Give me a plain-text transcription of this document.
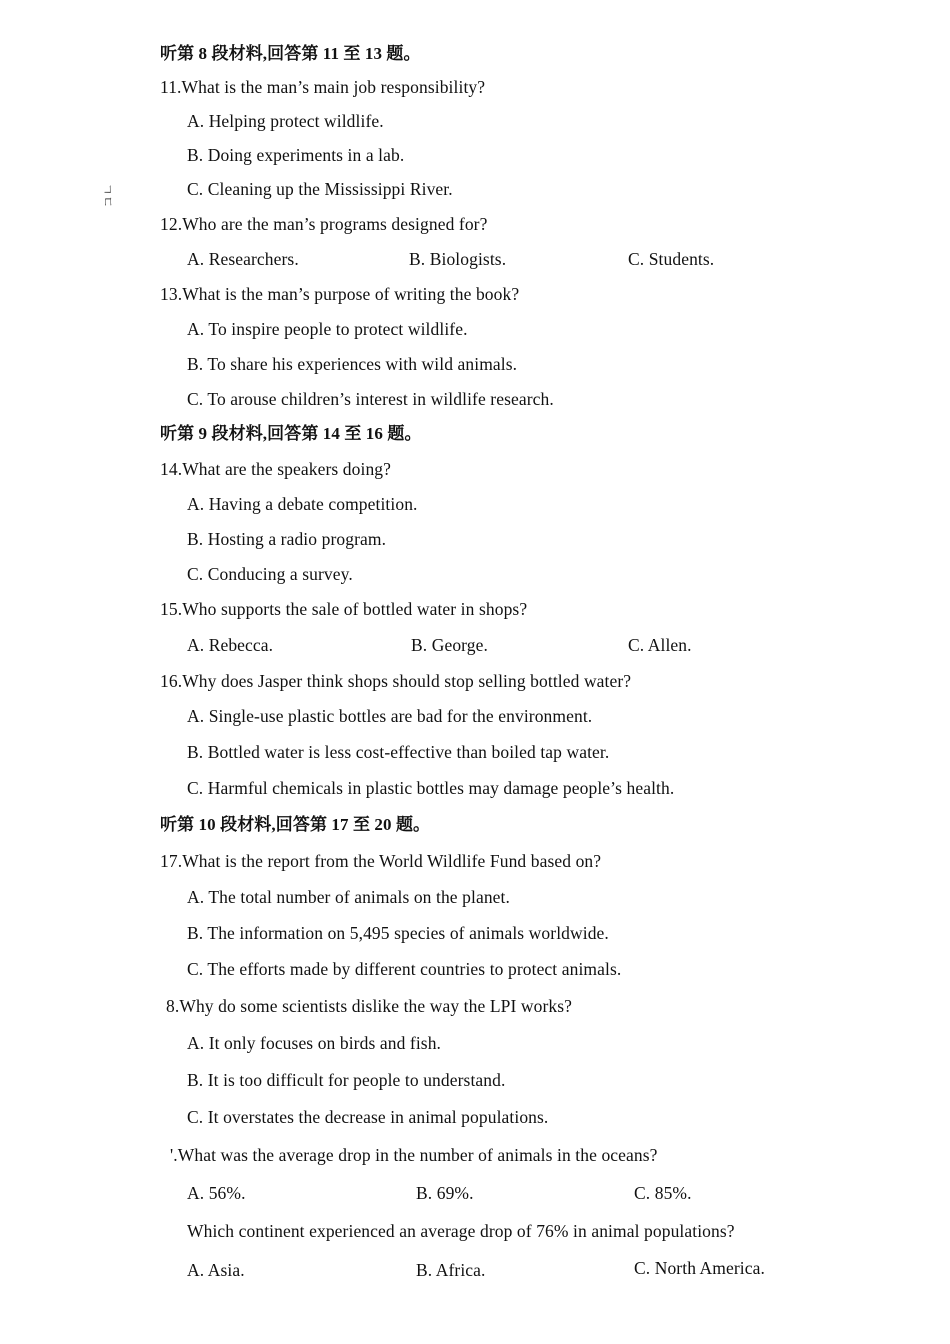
ㄱㄷ
听第 8 段材料,回答第 11 至 13 题。
11.What is the man’s main job responsibility?
A. Helping protect wildlife.
B. Doing experiments in a lab.
C. Cleaning up the Mississippi River.
12.Who are the man’s programs designed for?
A. Researchers.	B. Biologists.	C. Students.
13.What is the man’s purpose of writing the book?
A. To inspire people to protect wildlife.
B. To share his experiences with wild animals.
C. To arouse children’s interest in wildlife research.
听第 9 段材料,回答第 14 至 16 题。
14.What are the speakers doing?
A. Having a debate competition.
B. Hosting a radio program.
C. Conducing a survey.
15.Who supports the sale of bottled water in shops?
A. Rebecca.	B. George.	C. Allen.
16.Why does Jasper think shops should stop selling bottled water?
A. Single-use plastic bottles are bad for the environment.
B. Bottled water is less cost-effective than boiled tap water.
C. Harmful chemicals in plastic bottles may damage people’s health.
听第 10 段材料,回答第 17 至 20 题。
17.What is the report from the World Wildlife Fund based on?
A. The total number of animals on the planet.
B. The information on 5,495 species of animals worldwide.
C. The efforts made by different countries to protect animals.
8.Why do some scientists dislike the way the LPI works?
A. It only focuses on birds and fish.
B. It is too difficult for people to understand.
C. It overstates the decrease in animal populations.
'.What was the average drop in the number of animals in the oceans?
A. 56%.	B. 69%.	C. 85%.
Which continent experienced an average drop of 76% in animal populations?
A. Asia.	B. Africa.	C. North America.
